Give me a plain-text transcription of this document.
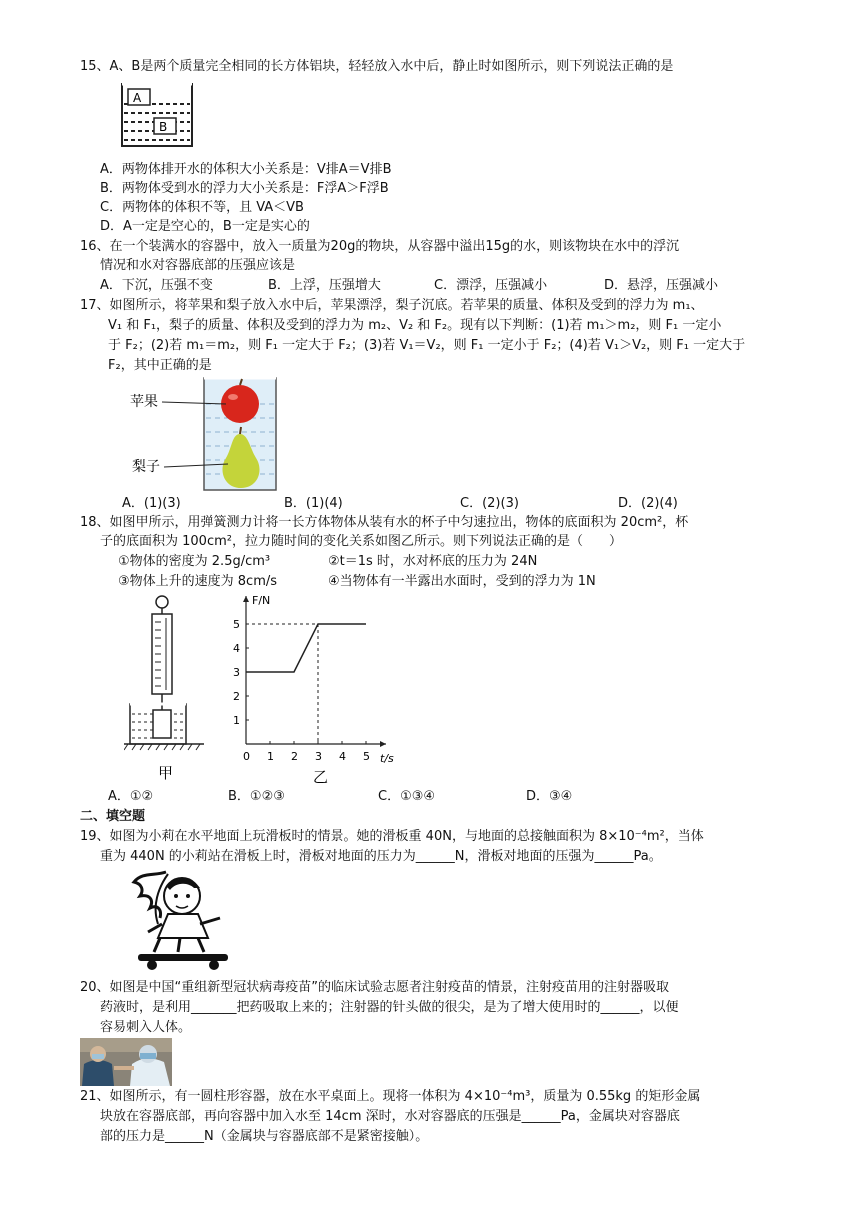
15、A、B是两个质量完全相同的长方体铝块，轻轻放入水中后，静止时如图所示，则下列说法正确的是
A
B
A．两物体排开水的体积大小关系是：V排A＝V排B
B．两物体受到水的浮力大小关系是：F浮A＞F浮B
C．两物体的体积不等，且 VA＜VB
D．A一定是空心的，B一定是实心的
16、在一个装满水的容器中，放入一质量为20g的物块，从容器中溢出15g的水，则该物块在水中的浮沉
情况和水对容器底部的压强应该是
A．下沉，压强不变	B．上浮，压强增大	C．漂浮，压强减小	D．悬浮，压强减小
17、如图所示，将苹果和梨子放入水中后，苹果漂浮，梨子沉底。若苹果的质量、体积及受到的浮力为 m₁、
V₁ 和 F₁，梨子的质量、体积及受到的浮力为 m₂、V₂ 和 F₂。现有以下判断：(1)若 m₁＞m₂，则 F₁ 一定小
于 F₂；(2)若 m₁＝m₂，则 F₁ 一定大于 F₂；(3)若 V₁＝V₂，则 F₁ 一定小于 F₂；(4)若 V₁＞V₂，则 F₁ 一定大于
F₂，其中正确的是
苹果
梨子
A．(1)(3)	B．(1)(4)	C．(2)(3)	D．(2)(4)
18、如图甲所示，用弹簧测力计将一长方体物体从装有水的杯子中匀速拉出，物体的底面积为 20cm²，杯
子的底面积为 100cm²，拉力随时间的变化关系如图乙所示。则下列说法正确的是（　　）
①物体的密度为 2.5g/cm³	②t＝1s 时，水对杯底的压力为 24N
③物体上升的速度为 8cm/s	④当物体有一半露出水面时，受到的浮力为 1N
甲
F/N
t/s
0 1 2 3 4 5
1
2
3
4
5
乙
A．①②	B．①②③	C．①③④	D．③④
二、填空题
19、如图为小莉在水平地面上玩滑板时的情景。她的滑板重 40N，与地面的总接触面积为 8×10⁻⁴m²，当体
重为 440N 的小莉站在滑板上时，滑板对地面的压力为______N，滑板对地面的压强为______Pa。
20、如图是中国“重组新型冠状病毒疫苗”的临床试验志愿者注射疫苗的情景，注射疫苗用的注射器吸取
药液时，是利用_______把药吸取上来的；注射器的针头做的很尖，是为了增大使用时的______，以便
容易刺入人体。
21、如图所示，有一圆柱形容器，放在水平桌面上。现将一体积为 4×10⁻⁴m³，质量为 0.55kg 的矩形金属
块放在容器底部，再向容器中加入水至 14cm 深时，水对容器底的压强是______Pa，金属块对容器底
部的压力是______N（金属块与容器底部不是紧密接触）。
